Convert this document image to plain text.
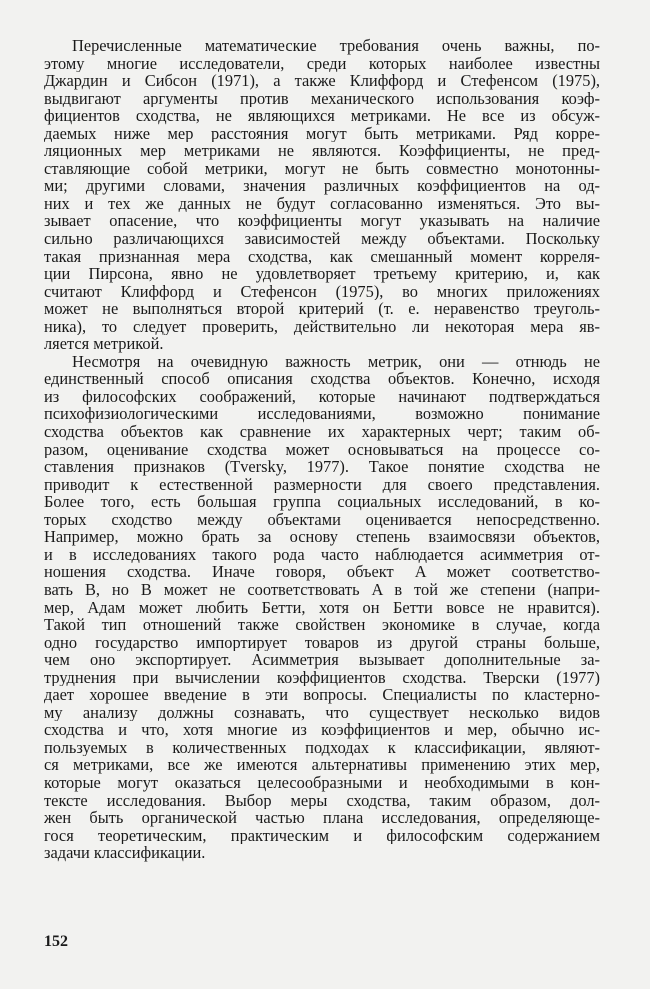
Перечисленные математические требования очень важны, по-
этому многие исследователи, среди которых наиболее известны
Джардин и Сибсон (1971), а также Клиффорд и Стефенсом (1975),
выдвигают аргументы против механического использования коэф-
фициентов сходства, не являющихся метриками. Не все из обсуж-
даемых ниже мер расстояния могут быть метриками. Ряд корре-
ляционных мер метриками не являются. Коэффициенты, не пред-
ставляющие собой метрики, могут не быть совместно монотонны-
ми; другими словами, значения различных коэффициентов на од-
них и тех же данных не будут согласованно изменяться. Это вы-
зывает опасение, что коэффициенты могут указывать на наличие
сильно различающихся зависимостей между объектами. Поскольку
такая признанная мера сходства, как смешанный момент корреля-
ции Пирсона, явно не удовлетворяет третьему критерию, и, как
считают Клиффорд и Стефенсон (1975), во многих приложениях
может не выполняться второй критерий (т. е. неравенство треуголь-
ника), то следует проверить, действительно ли некоторая мера яв-
ляется метрикой.
Несмотря на очевидную важность метрик, они — отнюдь не
единственный способ описания сходства объектов. Конечно, исходя
из философских соображений, которые начинают подтверждаться
психофизиологическими исследованиями, возможно понимание
сходства объектов как сравнение их характерных черт; таким об-
разом, оценивание сходства может основываться на процессе со-
ставления признаков (Tversky, 1977). Такое понятие сходства не
приводит к естественной размерности для своего представления.
Более того, есть большая группа социальных исследований, в ко-
торых сходство между объектами оценивается непосредственно.
Например, можно брать за основу степень взаимосвязи объектов,
и в исследованиях такого рода часто наблюдается асимметрия от-
ношения сходства. Иначе говоря, объект A может соответство-
вать B, но B может не соответствовать A в той же степени (напри-
мер, Адам может любить Бетти, хотя он Бетти вовсе не нравится).
Такой тип отношений также свойствен экономике в случае, когда
одно государство импортирует товаров из другой страны больше,
чем оно экспортирует. Асимметрия вызывает дополнительные за-
труднения при вычислении коэффициентов сходства. Тверски (1977)
дает хорошее введение в эти вопросы. Специалисты по кластерно-
му анализу должны сознавать, что существует несколько видов
сходства и что, хотя многие из коэффициентов и мер, обычно ис-
пользуемых в количественных подходах к классификации, являют-
ся метриками, все же имеются альтернативы применению этих мер,
которые могут оказаться целесообразными и необходимыми в кон-
тексте исследования. Выбор меры сходства, таким образом, дол-
жен быть органической частью плана исследования, определяюще-
гося теоретическим, практическим и философским содержанием
задачи классификации.
152
